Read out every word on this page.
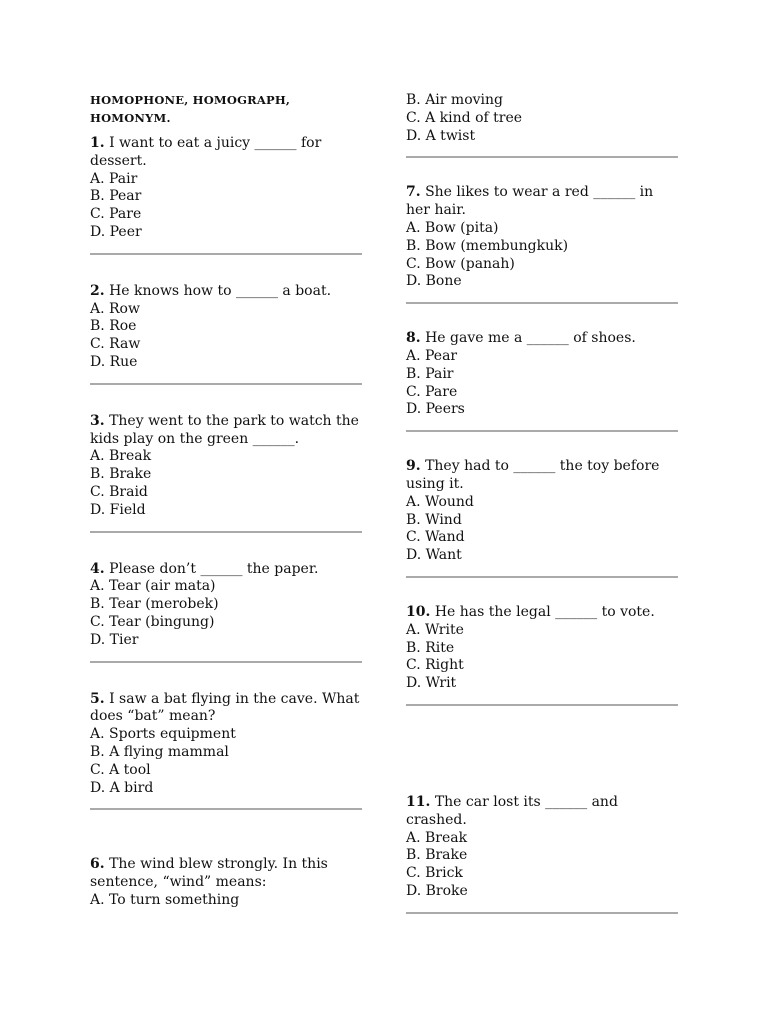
HOMOPHONE, HOMOGRAPH, HOMONYM.

1. I want to eat a juicy ______ for dessert.

A. Pair

B. Pear

C. Pare

D. Peer

2. He knows how to ______ a boat.

A. Row

B. Roe

C. Raw

D. Rue

3. They went to the park to watch the kids play on the green ______.

A. Break

B. Brake

C. Braid

D. Field

4. Please don’t ______ the paper.

A. Tear (air mata)

B. Tear (merobek)

C. Tear (bingung)

D. Tier

5. I saw a bat flying in the cave. What does “bat” mean?

A. Sports equipment

B. A flying mammal

C. A tool

D. A bird

6. The wind blew strongly. In this sentence, “wind” means:

A. To turn something

B. Air moving

C. A kind of tree

D. A twist

7. She likes to wear a red ______ in her hair.

A. Bow (pita)

B. Bow (membungkuk)

C. Bow (panah)

D. Bone

8. He gave me a ______ of shoes.

A. Pear

B. Pair

C. Pare

D. Peers

9. They had to ______ the toy before using it.

A. Wound

B. Wind

C. Wand

D. Want

10. He has the legal ______ to vote.

A. Write

B. Rite

C. Right

D. Writ

11. The car lost its ______ and crashed.

A. Break

B. Brake

C. Brick

D. Broke
